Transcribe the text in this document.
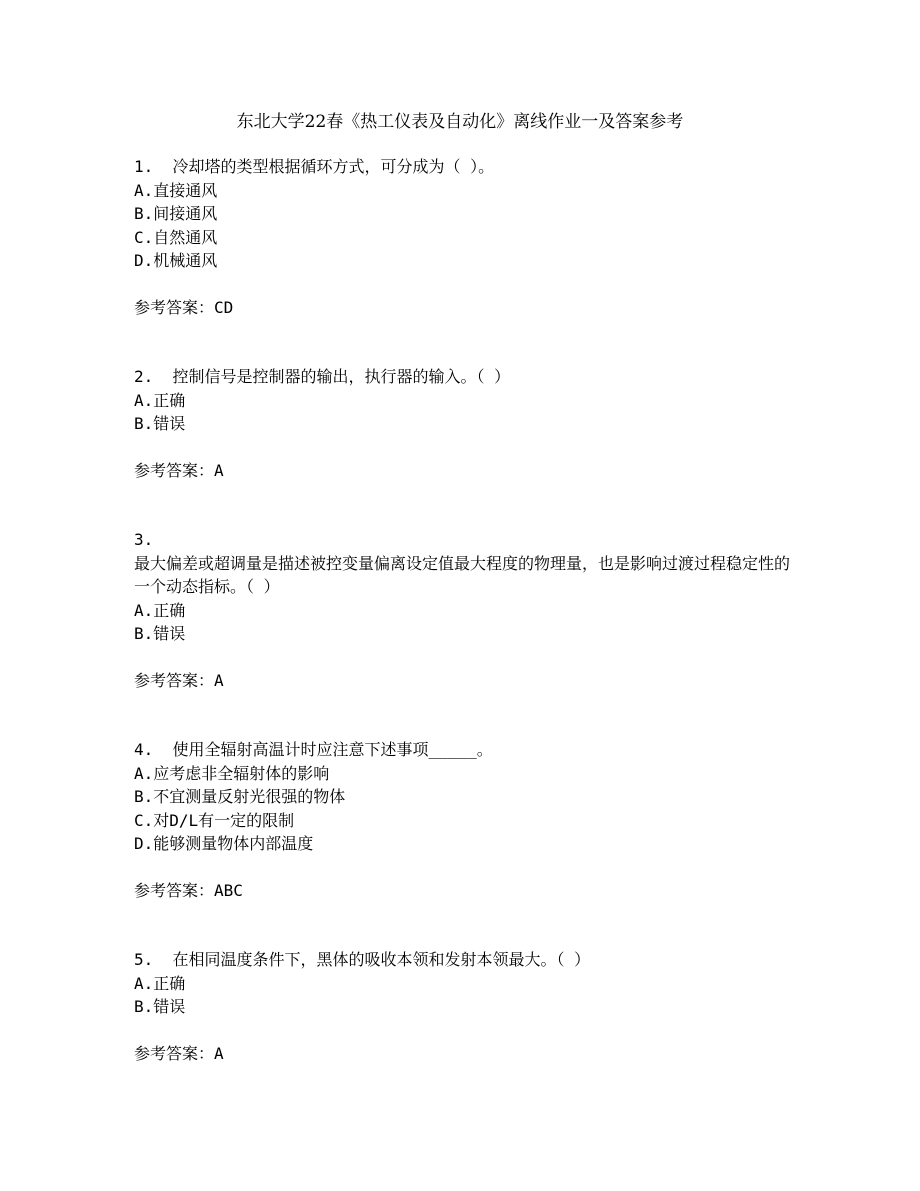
东北大学22春《热工仪表及自动化》离线作业一及答案参考
1. 冷却塔的类型根据循环方式，可分成为（ ）。
A.直接通风
B.间接通风
C.自然通风
D.机械通风
参考答案：CD
2. 控制信号是控制器的输出，执行器的输入。（ ）
A.正确
B.错误
参考答案：A
3.
最大偏差或超调量是描述被控变量偏离设定值最大程度的物理量，也是影响过渡过程稳定性的一个动态指标。（ ）
A.正确
B.错误
参考答案：A
4. 使用全辐射高温计时应注意下述事项_____。
A.应考虑非全辐射体的影响
B.不宜测量反射光很强的物体
C.对D/L有一定的限制
D.能够测量物体内部温度
参考答案：ABC
5. 在相同温度条件下，黑体的吸收本领和发射本领最大。（ ）
A.正确
B.错误
参考答案：A
